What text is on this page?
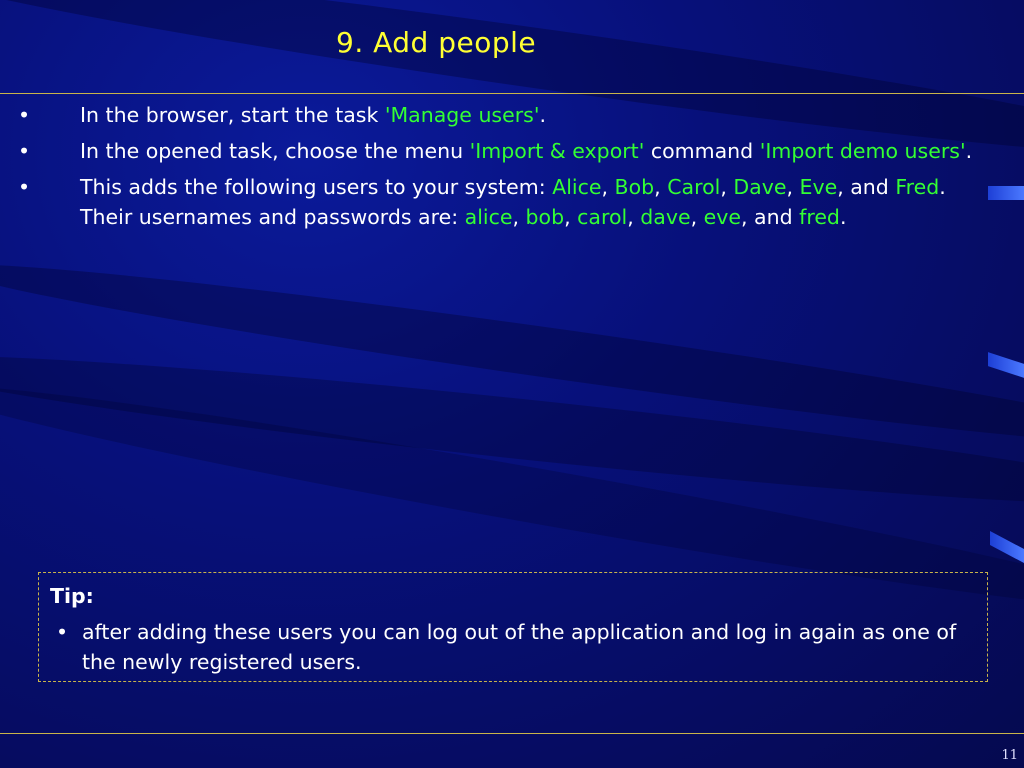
9. Add people
• In the browser, start the task 'Manage users'.
• In the opened task, choose the menu 'Import & export' command 'Import demo users'.
• This adds the following users to your system: Alice, Bob, Carol, Dave, Eve, and Fred.
Their usernames and passwords are: alice, bob, carol, dave, eve, and fred.
Tip:
• after adding these users you can log out of the application and log in again as one of the newly registered users.
11
